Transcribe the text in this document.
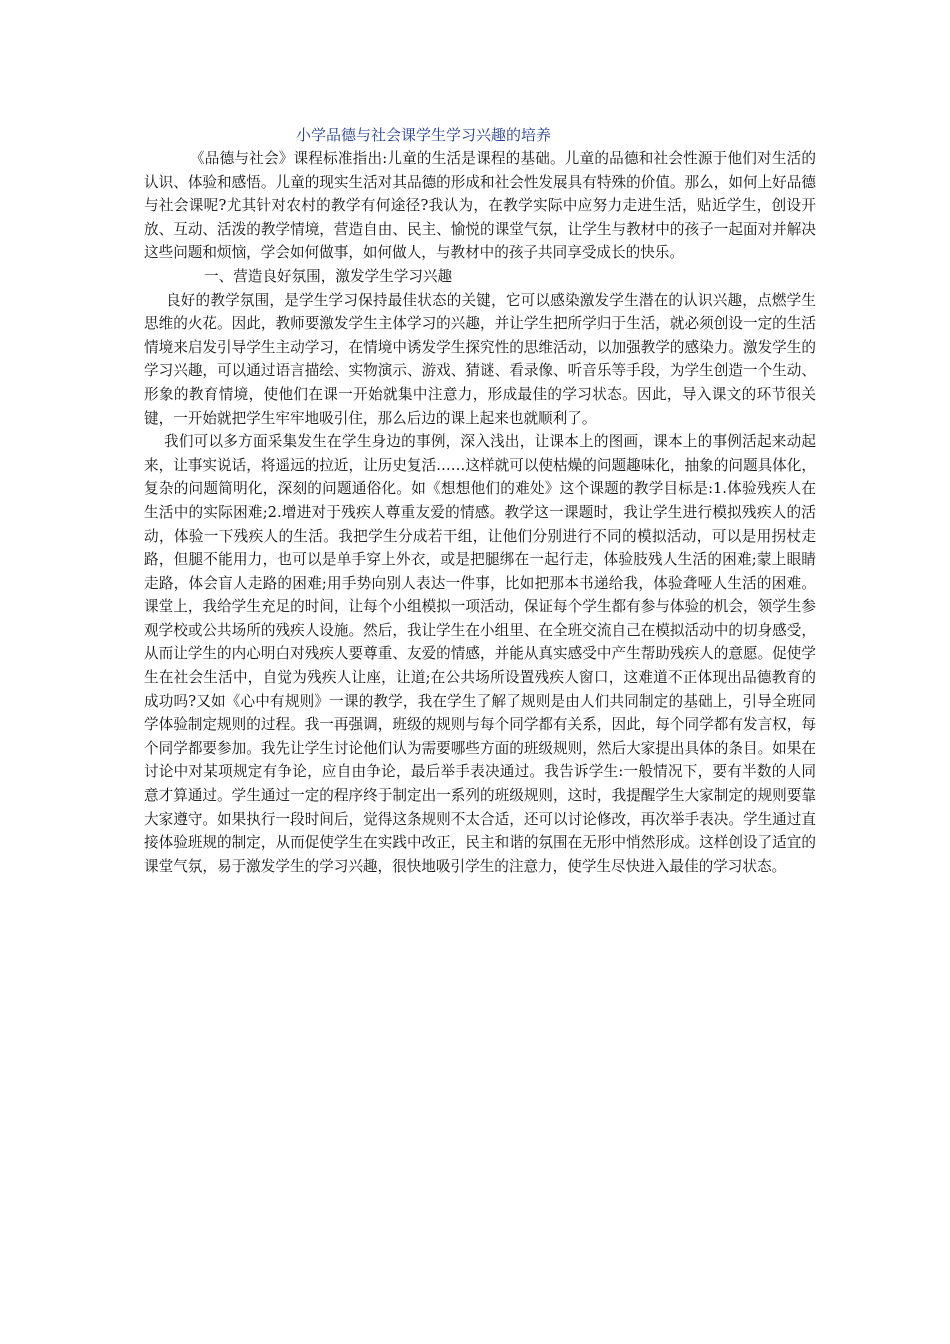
小学品德与社会课学生学习兴趣的培养

《品德与社会》课程标准指出:儿童的生活是课程的基础。儿童的品德和社会性源于他们对生活的认识、体验和感悟。儿童的现实生活对其品德的形成和社会性发展具有特殊的价值。那么，如何上好品德与社会课呢?尤其针对农村的教学有何途径?我认为，在教学实际中应努力走进生活，贴近学生，创设开放、互动、活泼的教学情境，营造自由、民主、愉悦的课堂气氛，让学生与教材中的孩子一起面对并解决这些问题和烦恼，学会如何做事，如何做人，与教材中的孩子共同享受成长的快乐。

一、营造良好氛围，激发学生学习兴趣

良好的教学氛围，是学生学习保持最佳状态的关键，它可以感染激发学生潜在的认识兴趣，点燃学生思维的火花。因此，教师要激发学生主体学习的兴趣，并让学生把所学归于生活，就必须创设一定的生活情境来启发引导学生主动学习，在情境中诱发学生探究性的思维活动，以加强教学的感染力。激发学生的学习兴趣，可以通过语言描绘、实物演示、游戏、猜谜、看录像、听音乐等手段，为学生创造一个生动、形象的教育情境，使他们在课一开始就集中注意力，形成最佳的学习状态。因此，导入课文的环节很关键，一开始就把学生牢牢地吸引住，那么后边的课上起来也就顺利了。

我们可以多方面采集发生在学生身边的事例，深入浅出，让课本上的图画，课本上的事例活起来动起来，让事实说话，将遥远的拉近，让历史复活……这样就可以使枯燥的问题趣味化，抽象的问题具体化，复杂的问题简明化，深刻的问题通俗化。如《想想他们的难处》这个课题的教学目标是:1.体验残疾人在生活中的实际困难;2.增进对于残疾人尊重友爱的情感。教学这一课题时，我让学生进行模拟残疾人的活动，体验一下残疾人的生活。我把学生分成若干组，让他们分别进行不同的模拟活动，可以是用拐杖走路，但腿不能用力，也可以是单手穿上外衣，或是把腿绑在一起行走，体验肢残人生活的困难;蒙上眼睛走路，体会盲人走路的困难;用手势向别人表达一件事，比如把那本书递给我，体验聋哑人生活的困难。课堂上，我给学生充足的时间，让每个小组模拟一项活动，保证每个学生都有参与体验的机会，领学生参观学校或公共场所的残疾人设施。然后，我让学生在小组里、在全班交流自己在模拟活动中的切身感受，从而让学生的内心明白对残疾人要尊重、友爱的情感，并能从真实感受中产生帮助残疾人的意愿。促使学生在社会生活中，自觉为残疾人让座，让道;在公共场所设置残疾人窗口，这难道不正体现出品德教育的成功吗?又如《心中有规则》一课的教学，我在学生了解了规则是由人们共同制定的基础上，引导全班同学体验制定规则的过程。我一再强调，班级的规则与每个同学都有关系，因此，每个同学都有发言权，每个同学都要参加。我先让学生讨论他们认为需要哪些方面的班级规则，然后大家提出具体的条目。如果在讨论中对某项规定有争论，应自由争论，最后举手表决通过。我告诉学生:一般情况下，要有半数的人同意才算通过。学生通过一定的程序终于制定出一系列的班级规则，这时，我提醒学生大家制定的规则要靠大家遵守。如果执行一段时间后，觉得这条规则不太合适，还可以讨论修改，再次举手表决。学生通过直接体验班规的制定，从而促使学生在实践中改正，民主和谐的氛围在无形中悄然形成。这样创设了适宜的课堂气氛，易于激发学生的学习兴趣，很快地吸引学生的注意力，使学生尽快进入最佳的学习状态。
